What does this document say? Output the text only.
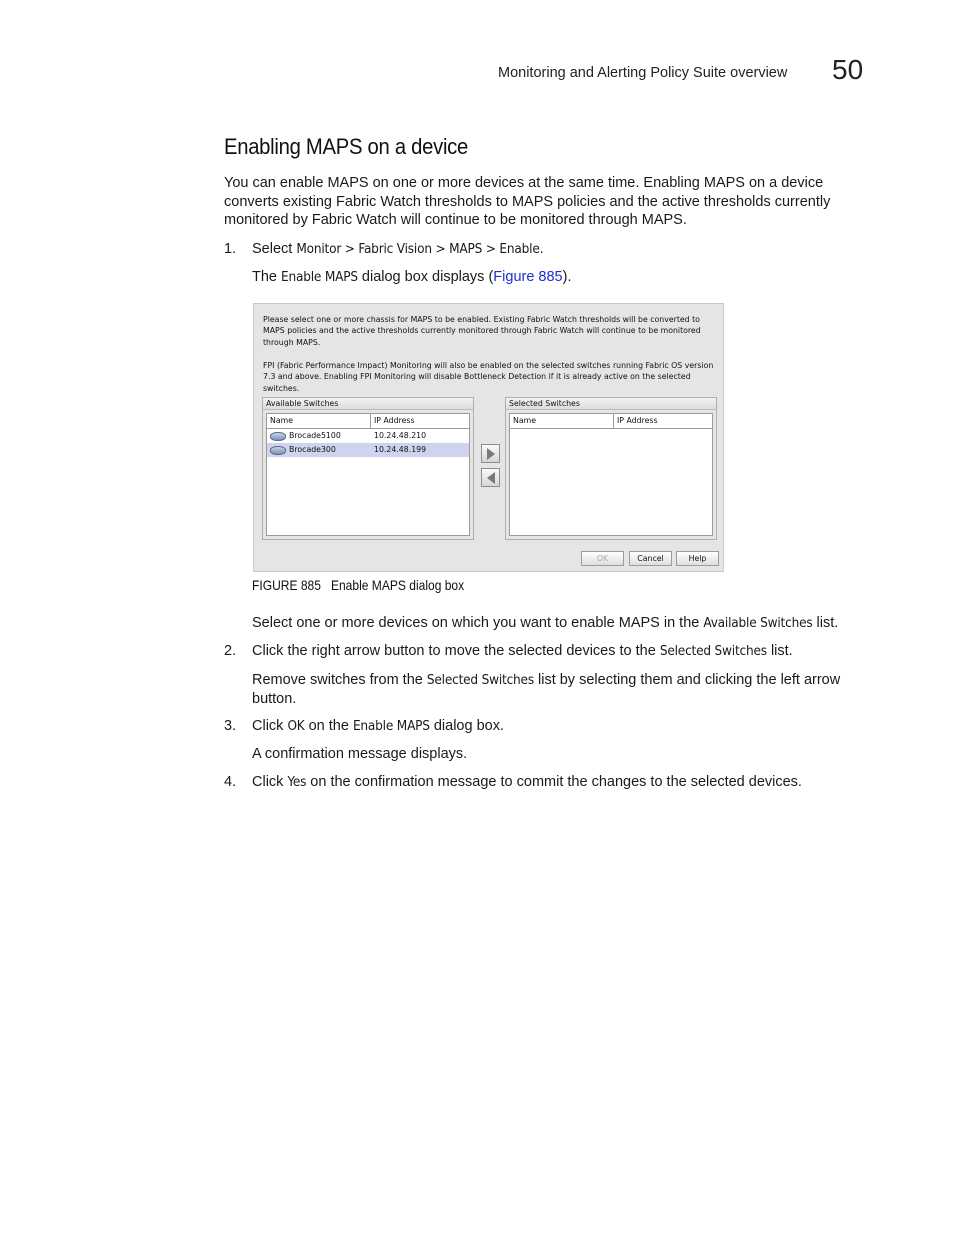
Monitoring and Alerting Policy Suite overview 50
Enabling MAPS on a device
You can enable MAPS on one or more devices at the same time. Enabling MAPS on a device converts existing Fabric Watch thresholds to MAPS policies and the active thresholds currently monitored by Fabric Watch will continue to be monitored through MAPS.
1. Select Monitor > Fabric Vision > MAPS > Enable.
The Enable MAPS dialog box displays (Figure 885).
Please select one or more chassis for MAPS to be enabled. Existing Fabric Watch thresholds will be converted to MAPS policies and the active thresholds currently monitored through Fabric Watch will continue to be monitored through MAPS.
FPI (Fabric Performance Impact) Monitoring will also be enabled on the selected switches running Fabric OS version 7.3 and above. Enabling FPI Monitoring will disable Bottleneck Detection if it is already active on the selected switches.
Available Switches
Name	IP Address
Brocade5100	10.24.48.210
Brocade300	10.24.48.199
Selected Switches
Name	IP Address
OK	Cancel	Help
FIGURE 885 Enable MAPS dialog box
Select one or more devices on which you want to enable MAPS in the Available Switches list.
2. Click the right arrow button to move the selected devices to the Selected Switches list.
Remove switches from the Selected Switches list by selecting them and clicking the left arrow button.
3. Click OK on the Enable MAPS dialog box.
A confirmation message displays.
4. Click Yes on the confirmation message to commit the changes to the selected devices.
